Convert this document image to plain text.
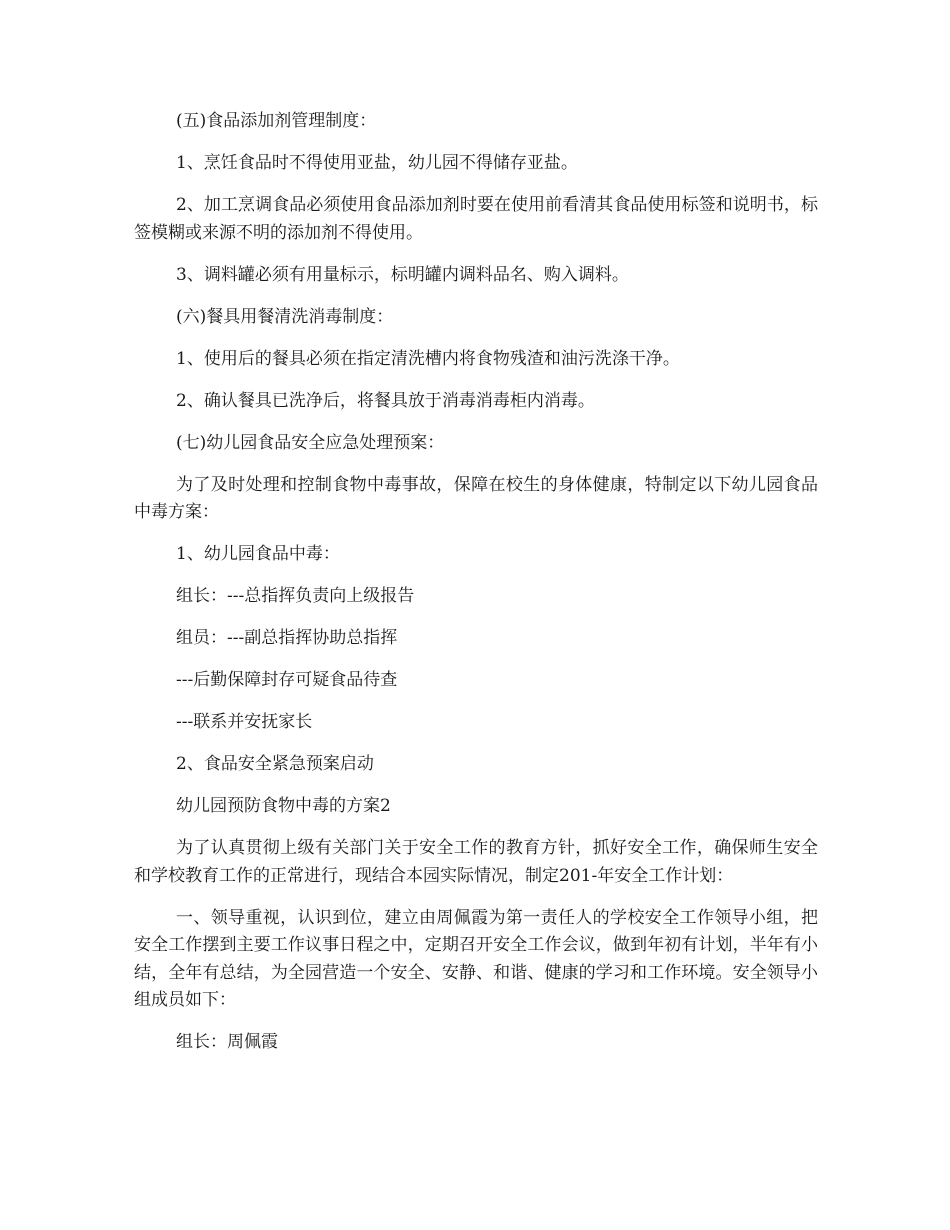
(五)食品添加剂管理制度：

1、烹饪食品时不得使用亚盐，幼儿园不得储存亚盐。

2、加工烹调食品必须使用食品添加剂时要在使用前看清其食品使用标签和说明书，标签模糊或来源不明的添加剂不得使用。

3、调料罐必须有用量标示，标明罐内调料品名、购入调料。

(六)餐具用餐清洗消毒制度：

1、使用后的餐具必须在指定清洗槽内将食物残渣和油污洗涤干净。

2、确认餐具已洗净后，将餐具放于消毒消毒柜内消毒。

(七)幼儿园食品安全应急处理预案：

为了及时处理和控制食物中毒事故，保障在校生的身体健康，特制定以下幼儿园食品中毒方案：

1、幼儿园食品中毒：

组长：---总指挥负责向上级报告

组员：---副总指挥协助总指挥

---后勤保障封存可疑食品待查

---联系并安抚家长

2、食品安全紧急预案启动

幼儿园预防食物中毒的方案2

为了认真贯彻上级有关部门关于安全工作的教育方针，抓好安全工作，确保师生安全和学校教育工作的正常进行，现结合本园实际情况，制定201-年安全工作计划：

一、领导重视，认识到位，建立由周佩霞为第一责任人的学校安全工作领导小组，把安全工作摆到主要工作议事日程之中，定期召开安全工作会议，做到年初有计划，半年有小结，全年有总结，为全园营造一个安全、安静、和谐、健康的学习和工作环境。安全领导小组成员如下：

组长：周佩霞
